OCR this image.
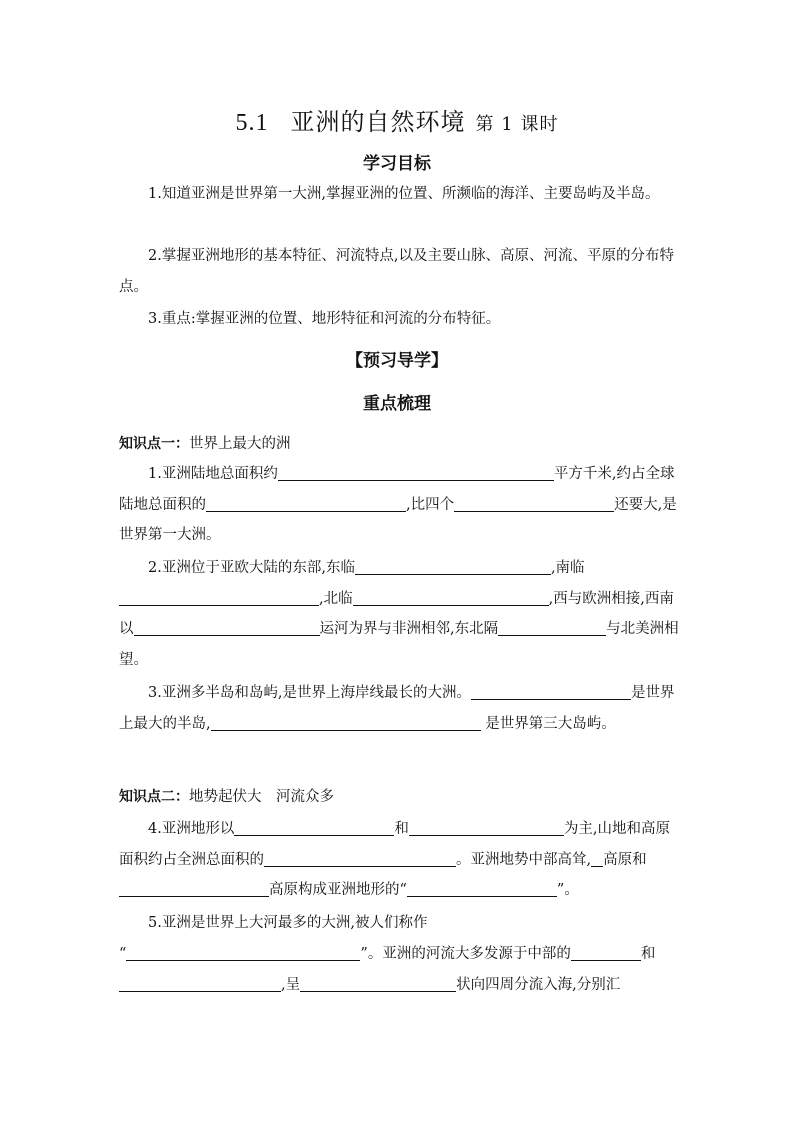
5.1 亚洲的自然环境 第 1 课时
学习目标
1.知道亚洲是世界第一大洲,掌握亚洲的位置、所濒临的海洋、主要岛屿及半岛。
2.掌握亚洲地形的基本特征、河流特点,以及主要山脉、高原、河流、平原的分布特点。
3.重点:掌握亚洲的位置、地形特征和河流的分布特征。
【预习导学】
重点梳理
知识点一：世界上最大的洲
1.亚洲陆地总面积约	平方千米,约占全球陆地总面积的	,比四个	还要大,是世界第一大洲。
2.亚洲位于亚欧大陆的东部,东临	,南临,北临	,西与欧洲相接,西南以	运河为界与非洲相邻,东北隔	与北美洲相望。
3.亚洲多半岛和岛屿,是世界上海岸线最长的大洲。	是世界上最大的半岛,	是世界第三大岛屿。
知识点二：地势起伏大　河流众多
4.亚洲地形以	和	为主,山地和高原面积约占全洲总面积的	。亚洲地势中部高耸, 高原和高原构成亚洲地形的“	”。
5.亚洲是世界上大河最多的大洲,被人们称作
“	”。亚洲的河流大多发源于中部的	和,呈	状向四周分流入海,分别汇
